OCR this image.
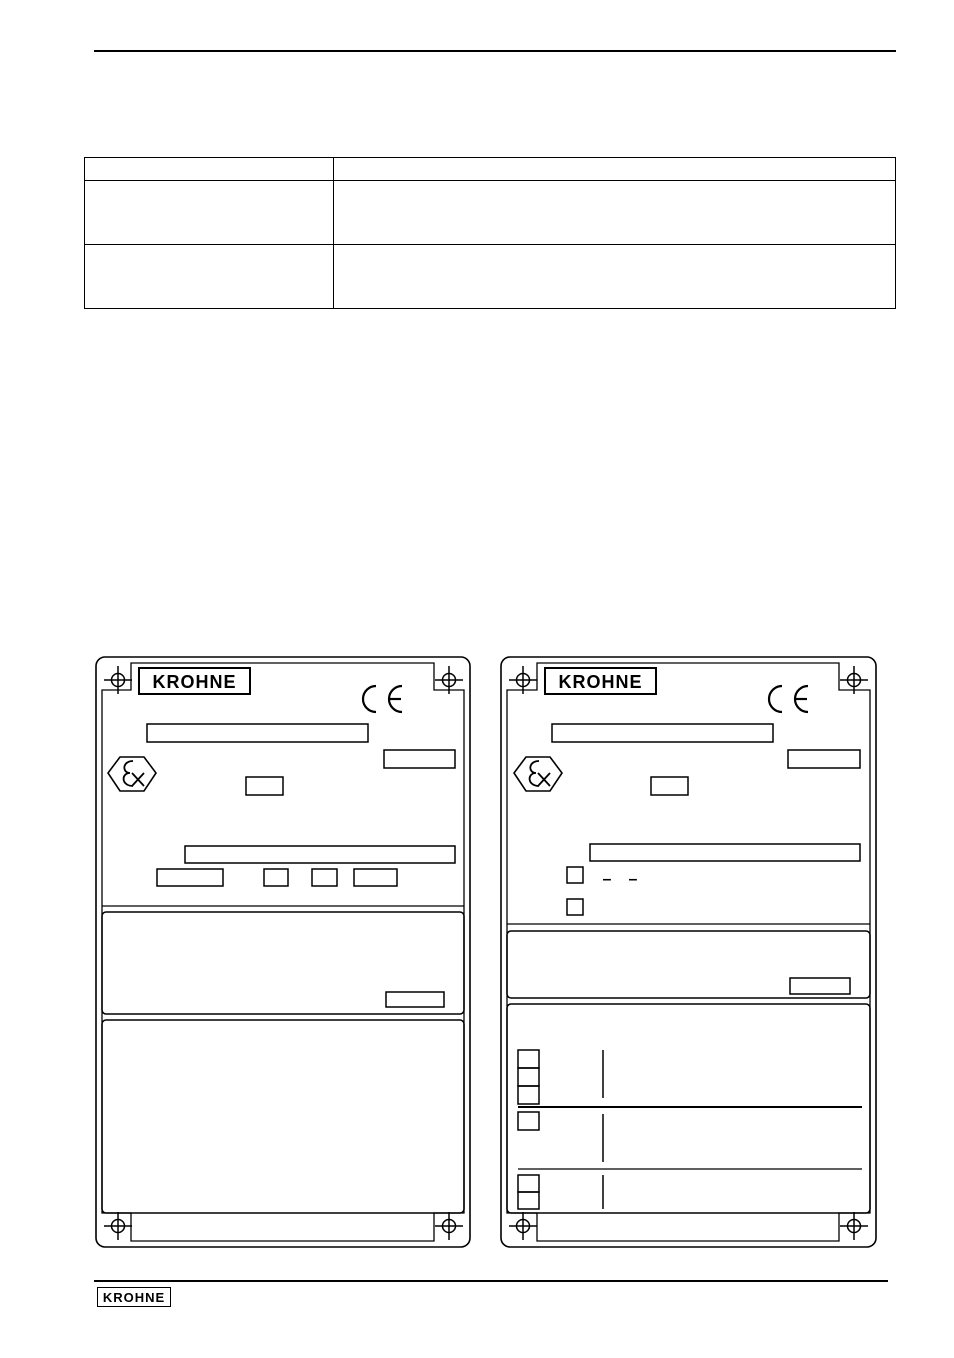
KROHNE	KROHNE
– –
KROHNE
